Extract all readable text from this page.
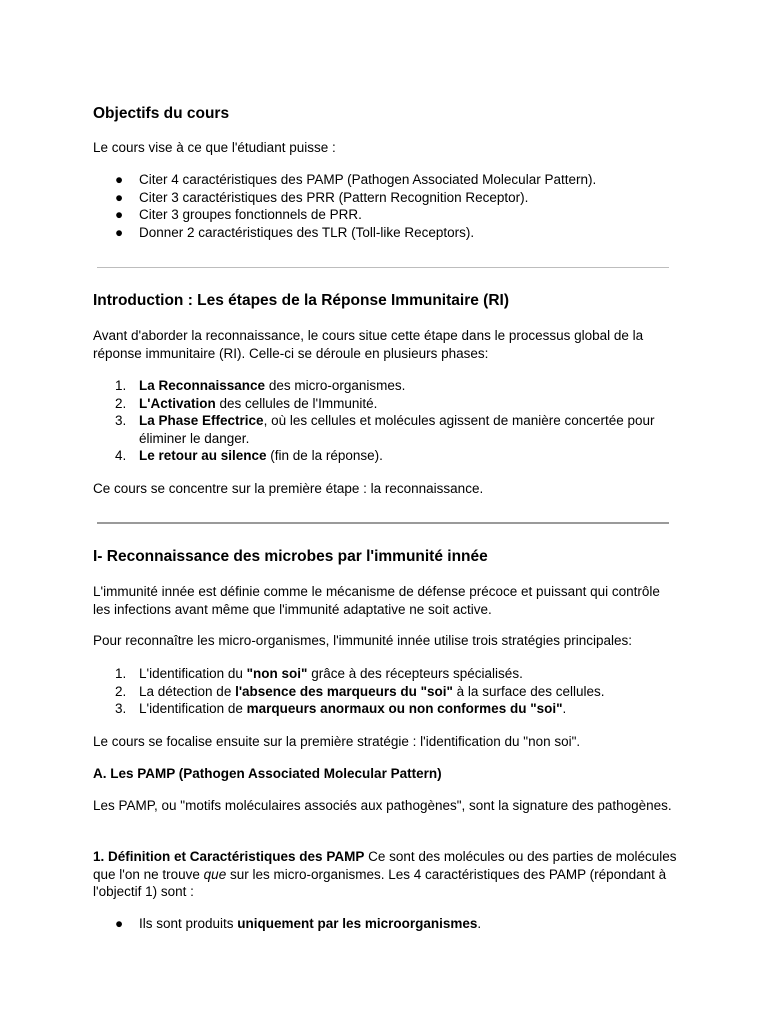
Objectifs du cours

Le cours vise à ce que l'étudiant puisse :

● Citer 4 caractéristiques des PAMP (Pathogen Associated Molecular Pattern).
● Citer 3 caractéristiques des PRR (Pattern Recognition Receptor).
● Citer 3 groupes fonctionnels de PRR.
● Donner 2 caractéristiques des TLR (Toll-like Receptors).
Introduction : Les étapes de la Réponse Immunitaire (RI)

Avant d'aborder la reconnaissance, le cours situe cette étape dans le processus global de la réponse immunitaire (RI). Celle-ci se déroule en plusieurs phases:

1. La Reconnaissance des micro-organismes.
2. L'Activation des cellules de l'Immunité.
3. La Phase Effectrice, où les cellules et molécules agissent de manière concertée pour éliminer le danger.
4. Le retour au silence (fin de la réponse).

Ce cours se concentre sur la première étape : la reconnaissance.

I- Reconnaissance des microbes par l'immunité innée

L'immunité innée est définie comme le mécanisme de défense précoce et puissant qui contrôle les infections avant même que l'immunité adaptative ne soit active.

Pour reconnaître les micro-organismes, l'immunité innée utilise trois stratégies principales:

1. L'identification du "non soi" grâce à des récepteurs spécialisés.
2. La détection de l'absence des marqueurs du "soi" à la surface des cellules.
3. L'identification de marqueurs anormaux ou non conformes du "soi".

Le cours se focalise ensuite sur la première stratégie : l'identification du "non soi".

A. Les PAMP (Pathogen Associated Molecular Pattern)

Les PAMP, ou "motifs moléculaires associés aux pathogènes", sont la signature des pathogènes.

1. Définition et Caractéristiques des PAMP Ce sont des molécules ou des parties de molécules que l'on ne trouve que sur les micro-organismes. Les 4 caractéristiques des PAMP (répondant à l'objectif 1) sont :

● Ils sont produits uniquement par les microorganismes.
